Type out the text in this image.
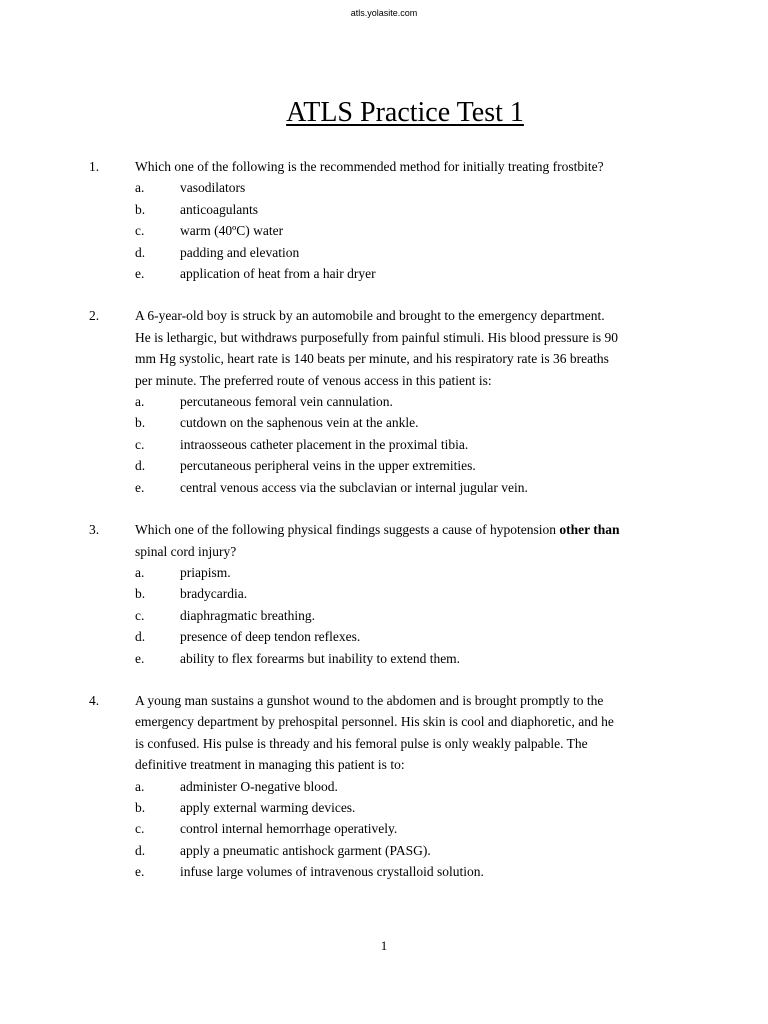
atls.yolasite.com
ATLS Practice Test 1
1.	Which one of the following is the recommended method for initially treating frostbite?
a.	vasodilators
b.	anticoagulants
c.	warm (40ºC) water
d.	padding and elevation
e.	application of heat from a hair dryer
2.	A 6-year-old boy is struck by an automobile and brought to the emergency department.
He is lethargic, but withdraws purposefully from painful stimuli. His blood pressure is 90
mm Hg systolic, heart rate is 140 beats per minute, and his respiratory rate is 36 breaths
per minute. The preferred route of venous access in this patient is:
a.	percutaneous femoral vein cannulation.
b.	cutdown on the saphenous vein at the ankle.
c.	intraosseous catheter placement in the proximal tibia.
d.	percutaneous peripheral veins in the upper extremities.
e.	central venous access via the subclavian or internal jugular vein.
3.	Which one of the following physical findings suggests a cause of hypotension other than
spinal cord injury?
a.	priapism.
b.	bradycardia.
c.	diaphragmatic breathing.
d.	presence of deep tendon reflexes.
e.	ability to flex forearms but inability to extend them.
4.	A young man sustains a gunshot wound to the abdomen and is brought promptly to the
emergency department by prehospital personnel. His skin is cool and diaphoretic, and he
is confused. His pulse is thready and his femoral pulse is only weakly palpable. The
definitive treatment in managing this patient is to:
a.	administer O-negative blood.
b.	apply external warming devices.
c.	control internal hemorrhage operatively.
d.	apply a pneumatic antishock garment (PASG).
e.	infuse large volumes of intravenous crystalloid solution.
1
